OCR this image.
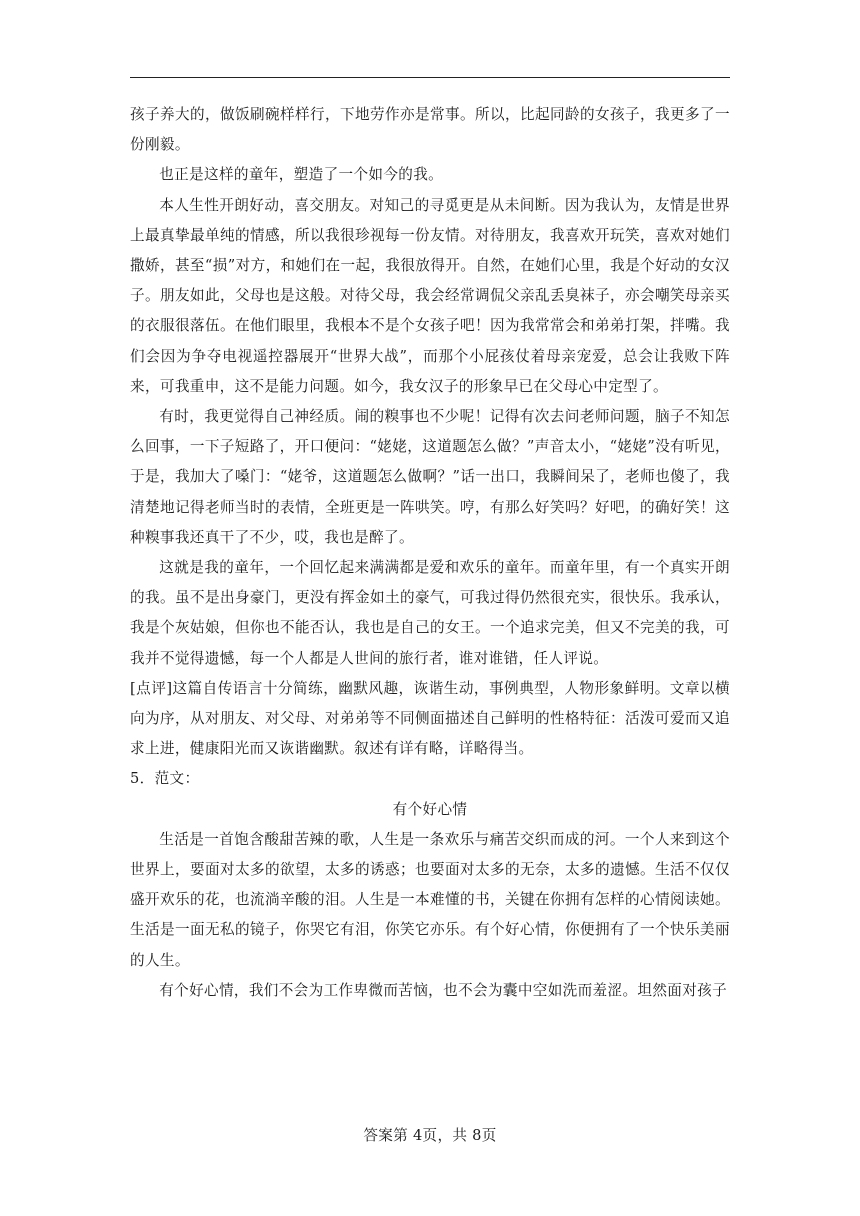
孩子养大的，做饭刷碗样样行，下地劳作亦是常事。所以，比起同龄的女孩子，我更多了一份刚毅。

也正是这样的童年，塑造了一个如今的我。

本人生性开朗好动，喜交朋友。对知己的寻觅更是从未间断。因为我认为，友情是世界上最真挚最单纯的情感，所以我很珍视每一份友情。对待朋友，我喜欢开玩笑，喜欢对她们撒娇，甚至“损”对方，和她们在一起，我很放得开。自然，在她们心里，我是个好动的女汉子。朋友如此，父母也是这般。对待父母，我会经常调侃父亲乱丢臭袜子，亦会嘲笑母亲买的衣服很落伍。在他们眼里，我根本不是个女孩子吧！因为我常常会和弟弟打架，拌嘴。我们会因为争夺电视遥控器展开“世界大战”，而那个小屁孩仗着母亲宠爱，总会让我败下阵来，可我重申，这不是能力问题。如今，我女汉子的形象早已在父母心中定型了。

有时，我更觉得自己神经质。闹的糗事也不少呢！记得有次去问老师问题，脑子不知怎么回事，一下子短路了，开口便问：“姥姥，这道题怎么做？”声音太小，“姥姥”没有听见，于是，我加大了嗓门：“姥爷，这道题怎么做啊？”话一出口，我瞬间呆了，老师也傻了，我清楚地记得老师当时的表情，全班更是一阵哄笑。哼，有那么好笑吗？好吧，的确好笑！这种糗事我还真干了不少，哎，我也是醉了。

这就是我的童年，一个回忆起来满满都是爱和欢乐的童年。而童年里，有一个真实开朗的我。虽不是出身豪门，更没有挥金如土的豪气，可我过得仍然很充实，很快乐。我承认，我是个灰姑娘，但你也不能否认，我也是自己的女王。一个追求完美，但又不完美的我，可我并不觉得遗憾，每一个人都是人世间的旅行者，谁对谁错，任人评说。

[点评]这篇自传语言十分简练，幽默风趣，诙谐生动，事例典型，人物形象鲜明。文章以横向为序，从对朋友、对父母、对弟弟等不同侧面描述自己鲜明的性格特征：活泼可爱而又追求上进，健康阳光而又诙谐幽默。叙述有详有略，详略得当。

5．范文：

有个好心情

生活是一首饱含酸甜苦辣的歌，人生是一条欢乐与痛苦交织而成的河。一个人来到这个世界上，要面对太多的欲望，太多的诱惑；也要面对太多的无奈，太多的遗憾。生活不仅仅盛开欢乐的花，也流淌辛酸的泪。人生是一本难懂的书，关键在你拥有怎样的心情阅读她。生活是一面无私的镜子，你哭它有泪，你笑它亦乐。有个好心情，你便拥有了一个快乐美丽的人生。

有个好心情，我们不会为工作卑微而苦恼，也不会为囊中空如洗而羞涩。坦然面对孩子

答案第 4页，共 8页
